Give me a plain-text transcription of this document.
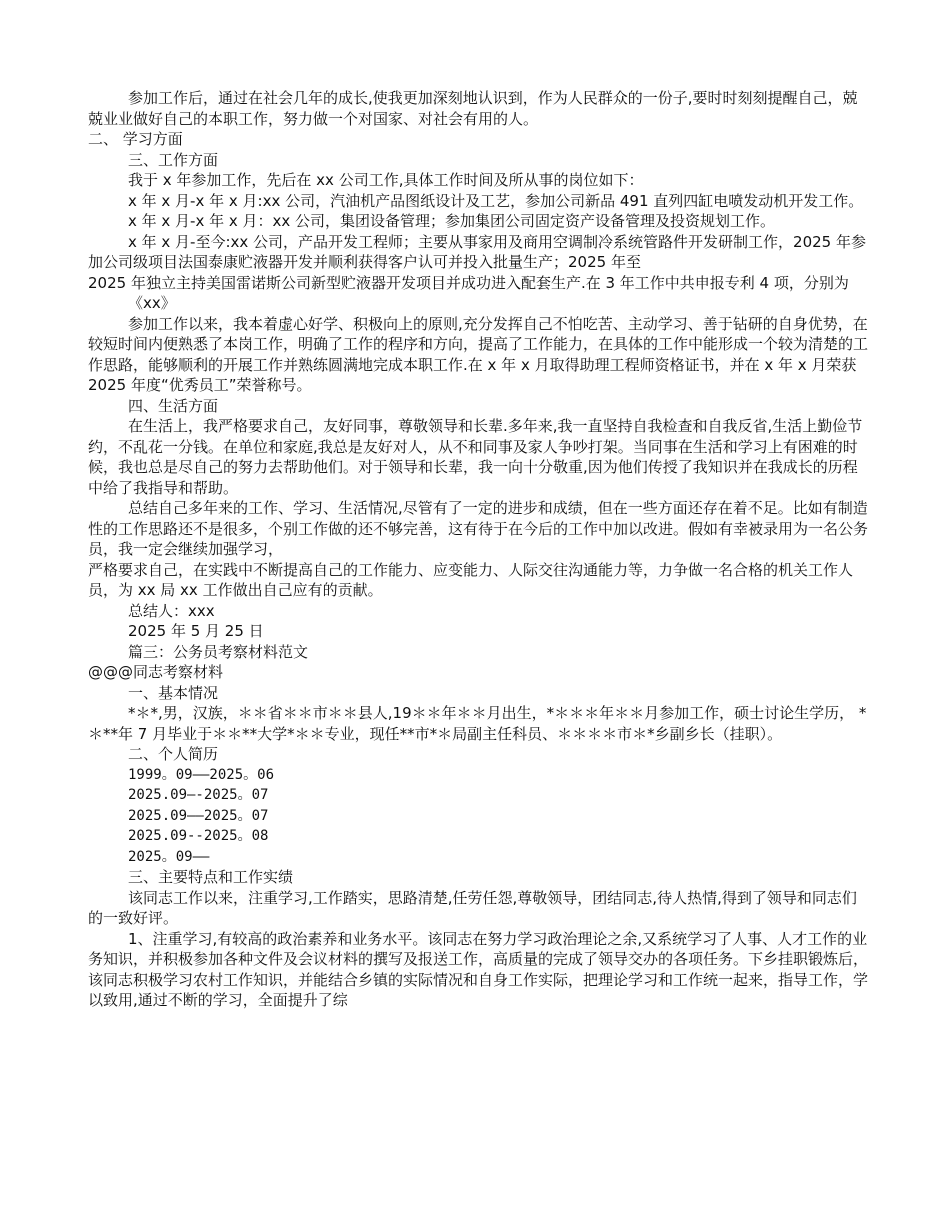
参加工作后，通过在社会几年的成长,使我更加深刻地认识到，作为人民群众的一份子,要时时刻刻提醒自己，兢兢业业做好自己的本职工作，努力做一个对国家、对社会有用的人。

二、 学习方面

三、工作方面

我于 x 年参加工作，先后在 xx 公司工作,具体工作时间及所从事的岗位如下：

x 年 x 月-x 年 x 月:xx 公司，汽油机产品图纸设计及工艺，参加公司新品 491 直列四缸电喷发动机开发工作。

x 年 x 月-x 年 x 月：xx 公司，集团设备管理；参加集团公司固定资产设备管理及投资规划工作。

x 年 x 月-至今:xx 公司，产品开发工程师；主要从事家用及商用空调制冷系统管路件开发研制工作，2025 年参加公司级项目法国泰康贮液器开发并顺利获得客户认可并投入批量生产；2025 年至

2025 年独立主持美国雷诺斯公司新型贮液器开发项目并成功进入配套生产.在 3 年工作中共申报专利 4 项，分别为

《xx》

参加工作以来，我本着虚心好学、积极向上的原则,充分发挥自己不怕吃苦、主动学习、善于钻研的自身优势，在较短时间内便熟悉了本岗工作，明确了工作的程序和方向，提高了工作能力，在具体的工作中能形成一个较为清楚的工作思路，能够顺利的开展工作并熟练圆满地完成本职工作.在 x 年 x 月取得助理工程师资格证书，并在 x 年 x 月荣获 2025 年度“优秀员工”荣誉称号。

四、生活方面

在生活上，我严格要求自己，友好同事，尊敬领导和长辈.多年来,我一直坚持自我检查和自我反省,生活上勤俭节约，不乱花一分钱。在单位和家庭,我总是友好对人，从不和同事及家人争吵打架。当同事在生活和学习上有困难的时候，我也总是尽自己的努力去帮助他们。对于领导和长辈，我一向十分敬重,因为他们传授了我知识并在我成长的历程中给了我指导和帮助。

总结自己多年来的工作、学习、生活情况,尽管有了一定的进步和成绩，但在一些方面还存在着不足。比如有制造性的工作思路还不是很多，个别工作做的还不够完善，这有待于在今后的工作中加以改进。假如有幸被录用为一名公务员，我一定会继续加强学习，

严格要求自己，在实践中不断提高自己的工作能力、应变能力、人际交往沟通能力等，力争做一名合格的机关工作人员，为 xx 局 xx 工作做出自己应有的贡献。

总结人：xxx

2025 年 5 月 25 日

篇三：公务员考察材料范文

@@@同志考察材料

一、基本情况

*＊*,男，汉族，＊＊省＊＊市＊＊县人,19＊＊年＊＊月出生，*＊＊＊年＊＊月参加工作，硕士讨论生学历， *＊**年 7 月毕业于＊＊**大学*＊＊专业，现任**市*＊局副主任科员、＊＊＊＊市＊*乡副乡长（挂职）。

二、个人简历

1999。09——2025。06

2025.09—-2025。07

2025.09——2025。07

2025.09--2025。08

2025。09——

三、主要特点和工作实绩

该同志工作以来，注重学习,工作踏实，思路清楚,任劳任怨,尊敬领导，团结同志,待人热情,得到了领导和同志们的一致好评。

1、注重学习,有较高的政治素养和业务水平。该同志在努力学习政治理论之余,又系统学习了人事、人才工作的业务知识，并积极参加各种文件及会议材料的撰写及报送工作，高质量的完成了领导交办的各项任务。下乡挂职锻炼后，该同志积极学习农村工作知识，并能结合乡镇的实际情况和自身工作实际，把理论学习和工作统一起来，指导工作，学以致用,通过不断的学习，全面提升了综
